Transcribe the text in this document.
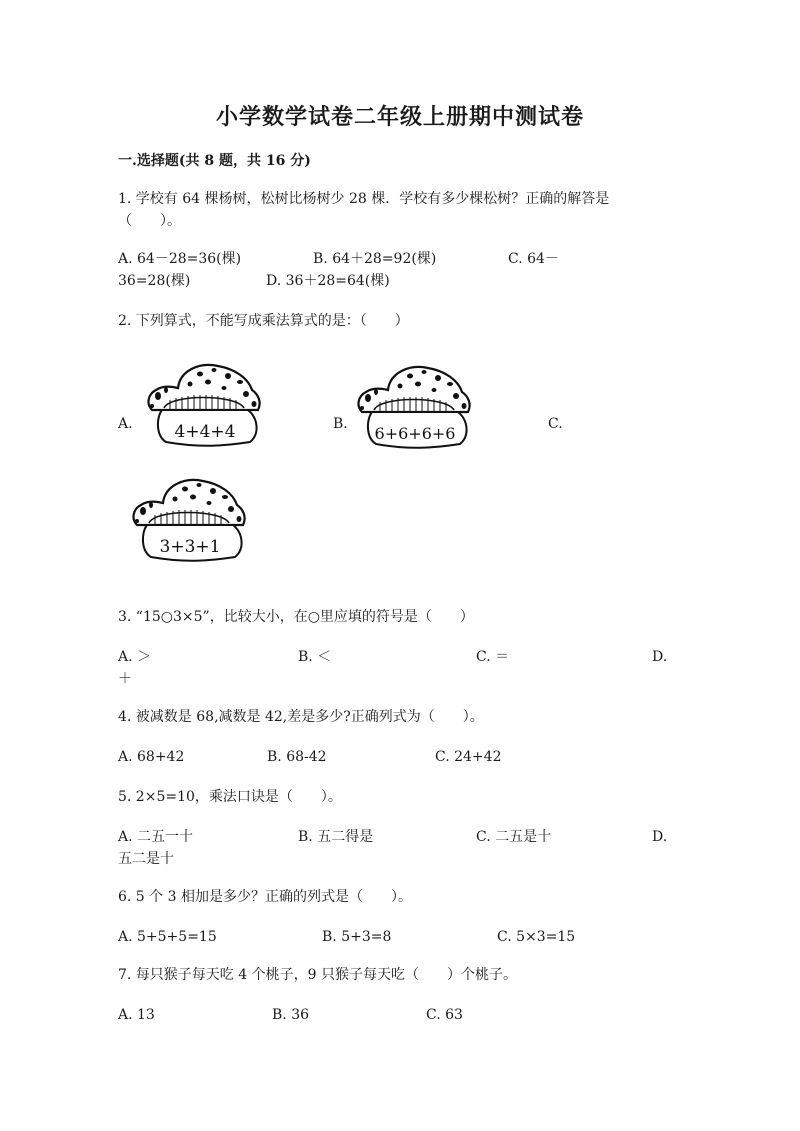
小学数学试卷二年级上册期中测试卷
一.选择题(共 8 题，共 16 分)
1. 学校有 64 棵杨树，松树比杨树少 28 棵．学校有多少棵松树？正确的解答是
（　　）。
A. 64－28=36(棵)	B. 64＋28=92(棵)	C. 64－
36=28(棵)	D. 36＋28=64(棵)
2. 下列算式，不能写成乘法算式的是：（　　）
A.	B.	C.
4+4+4	6+6+6+6
3+3+1
3. “15○3×5”，比较大小，在○里应填的符号是（　　）
A. ＞	B. ＜	C. ＝	D.
＋
4. 被减数是 68,减数是 42,差是多少?正确列式为（　　）。
A. 68+42	B. 68-42	C. 24+42
5. 2×5=10，乘法口诀是（　　）。
A. 二五一十	B. 五二得是	C. 二五是十	D.
五二是十
6. 5 个 3 相加是多少？正确的列式是（　　）。
A. 5+5+5=15	B. 5+3=8	C. 5×3=15
7. 每只猴子每天吃 4 个桃子，9 只猴子每天吃（　　）个桃子。
A. 13	B. 36	C. 63
